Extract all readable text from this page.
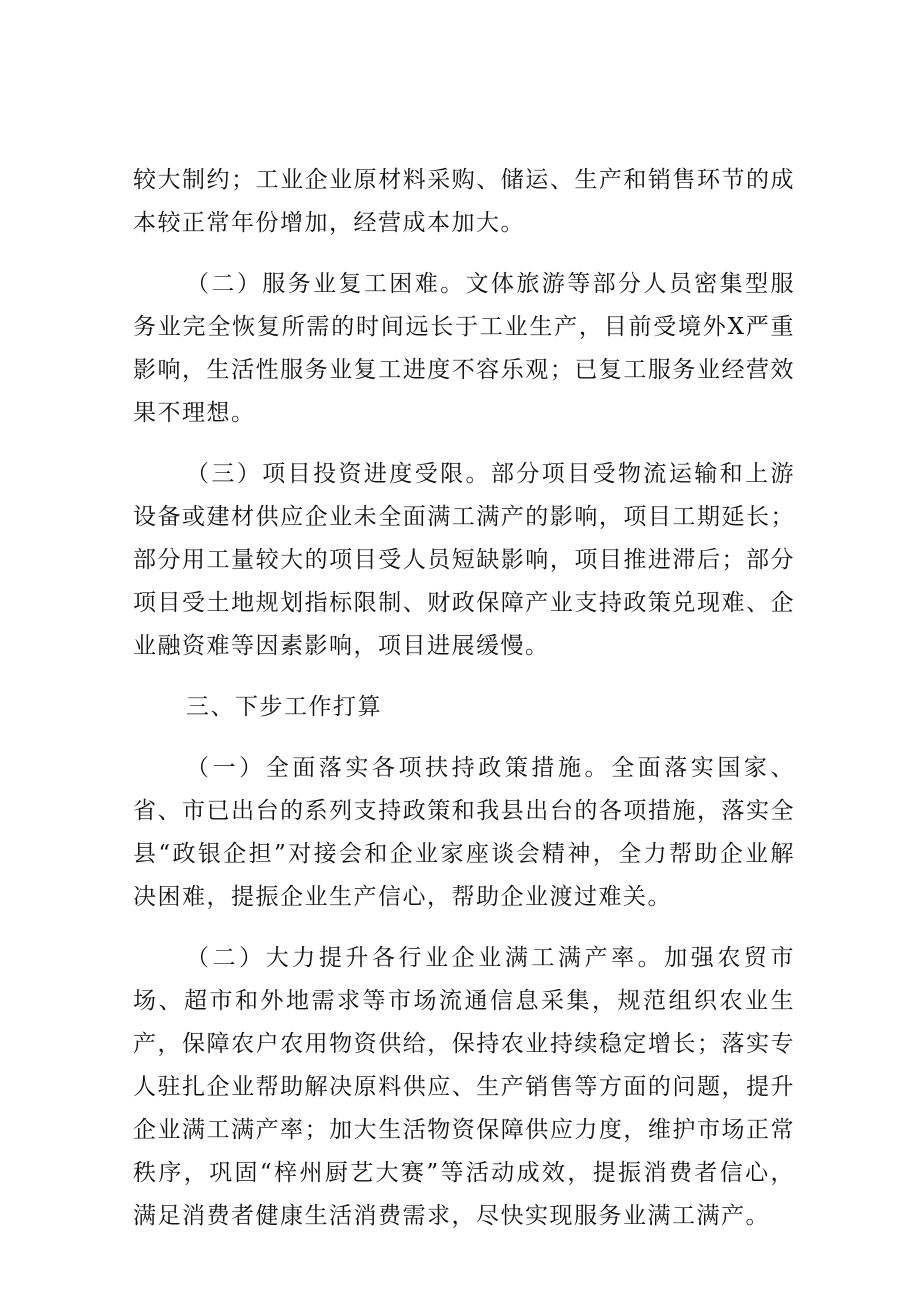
较大制约；工业企业原材料采购、储运、生产和销售环节的成本较正常年份增加，经营成本加大。

（二）服务业复工困难。文体旅游等部分人员密集型服务业完全恢复所需的时间远长于工业生产，目前受境外X严重影响，生活性服务业复工进度不容乐观；已复工服务业经营效果不理想。

（三）项目投资进度受限。部分项目受物流运输和上游设备或建材供应企业未全面满工满产的影响，项目工期延长；部分用工量较大的项目受人员短缺影响，项目推进滞后；部分项目受土地规划指标限制、财政保障产业支持政策兑现难、企业融资难等因素影响，项目进展缓慢。

三、下步工作打算

（一）全面落实各项扶持政策措施。全面落实国家、省、市已出台的系列支持政策和我县出台的各项措施，落实全县“政银企担”对接会和企业家座谈会精神，全力帮助企业解决困难，提振企业生产信心，帮助企业渡过难关。

（二）大力提升各行业企业满工满产率。加强农贸市场、超市和外地需求等市场流通信息采集，规范组织农业生产，保障农户农用物资供给，保持农业持续稳定增长；落实专人驻扎企业帮助解决原料供应、生产销售等方面的问题，提升企业满工满产率；加大生活物资保障供应力度，维护市场正常秩序，巩固“梓州厨艺大赛”等活动成效，提振消费者信心，满足消费者健康生活消费需求，尽快实现服务业满工满产。
